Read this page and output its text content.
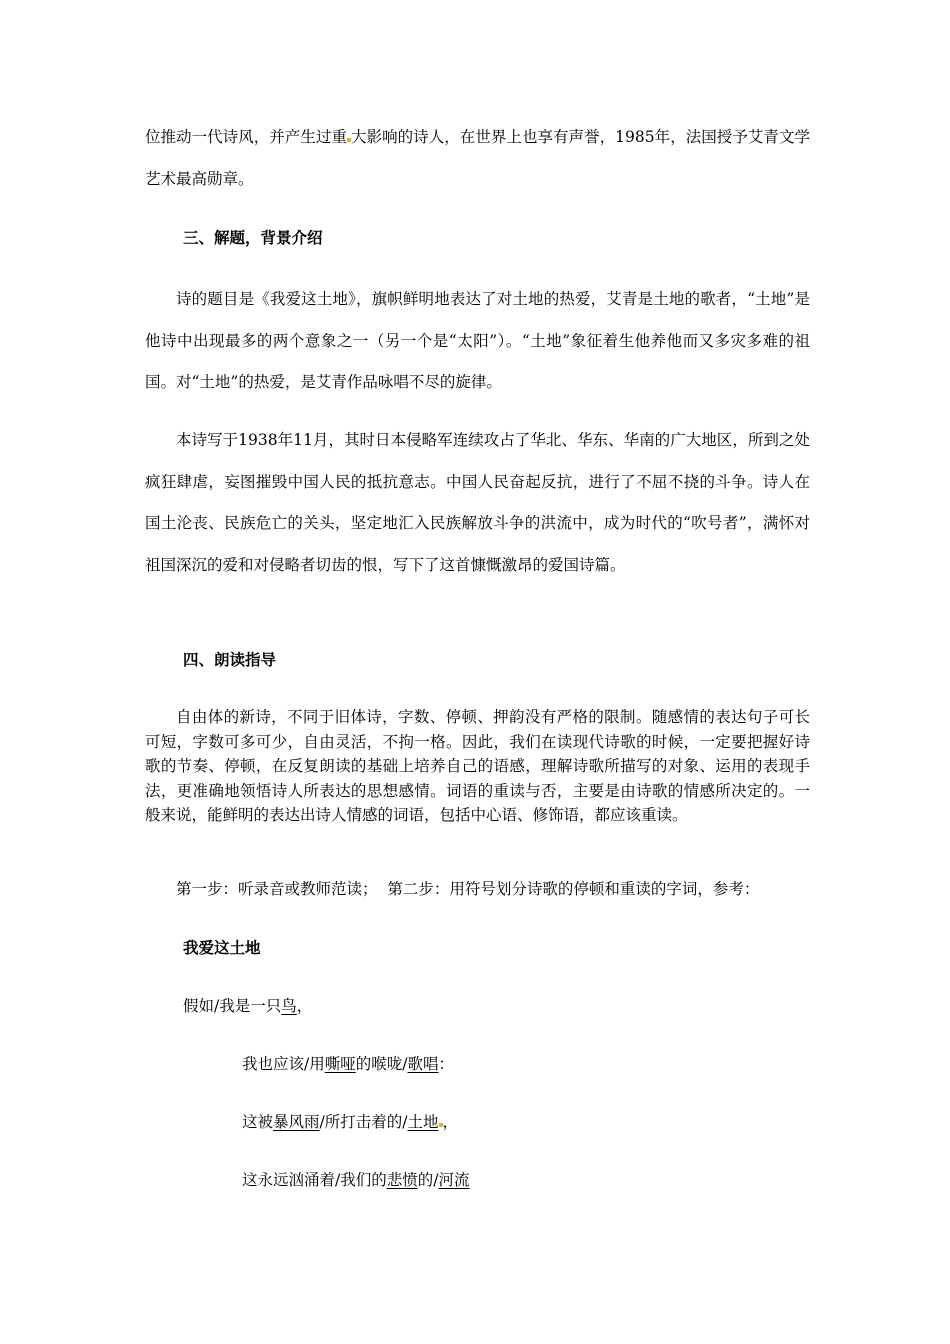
位推动一代诗风，并产生过重 大影响的诗人，在世界上也享有声誉，1985年，法国授予艾青文学艺术最高勋章。

三、解题，背景介绍

诗的题目是《我爱这土地》，旗帜鲜明地表达了对土地的热爱，艾青是土地的歌者，“土地”是他诗中出现最多的两个意象之一（另一个是“太阳”）。“土地”象征着生他养他而又多灾多难的祖国。对“土地”的热爱，是艾青作品咏唱不尽的旋律。

本诗写于1938年11月，其时日本侵略军连续攻占了华北、华东、华南的广大地区，所到之处疯狂肆虐，妄图摧毁中国人民的抵抗意志。中国人民奋起反抗，进行了不屈不挠的斗争。诗人在国土沦丧、民族危亡的关头，坚定地汇入民族解放斗争的洪流中，成为时代的“吹号者”，满怀对祖国深沉的爱和对侵略者切齿的恨，写下了这首慷慨激昂的爱国诗篇。

四、朗读指导

自由体的新诗，不同于旧体诗，字数、停顿、押韵没有严格的限制。随感情的表达句子可长可短，字数可多可少，自由灵活，不拘一格。因此，我们在读现代诗歌的时候，一定要把握好诗歌的节奏、停顿，在反复朗读的基础上培养自己的语感，理解诗歌所描写的对象、运用的表现手法，更准确地领悟诗人所表达的思想感情。词语的重读与否，主要是由诗歌的情感所决定的。一般来说，能鲜明的表达出诗人情感的词语，包括中心语、修饰语，都应该重读。

第一步：听录音或教师范读；  第二步：用符号划分诗歌的停顿和重读的字词，参考：

我爱这土地

假如/我是一只鸟，

我也应该/用嘶哑的喉咙/歌唱：

这被暴风雨/所打击着的/土地 ，

这永远汹涌着/我们的悲愤的/河流
